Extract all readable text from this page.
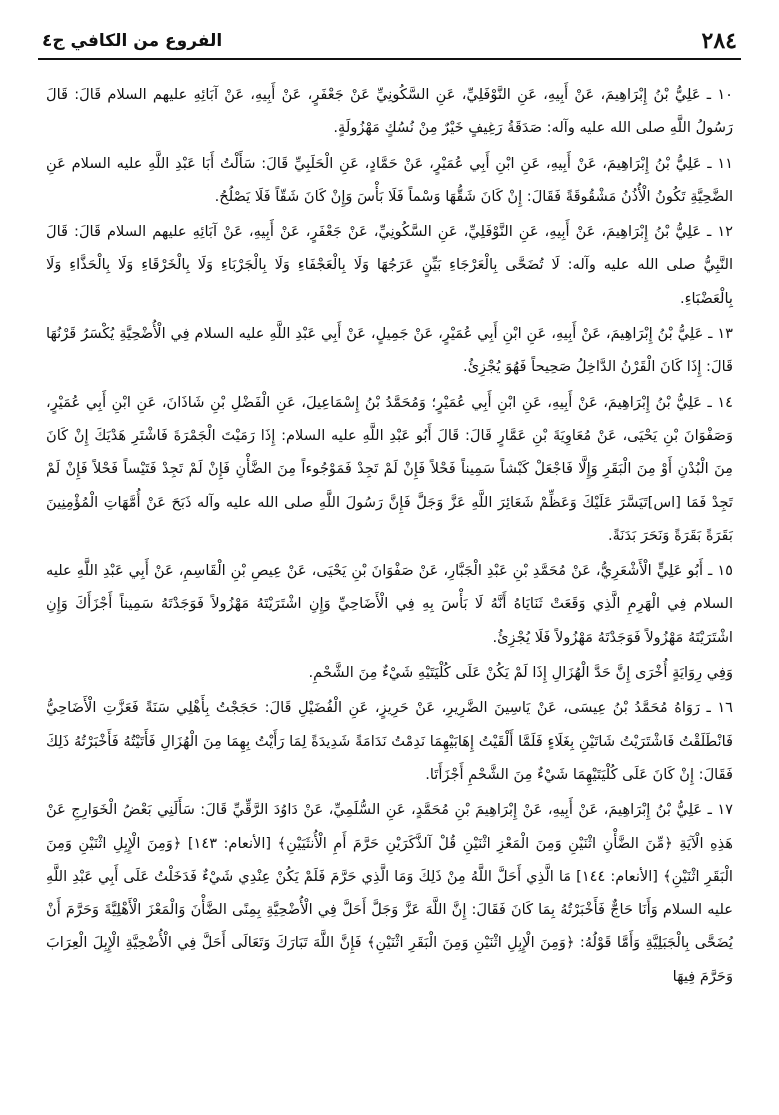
٢٨٤
الفروع من الكافي ج٤

١٠ ـ عَلِيُّ بْنُ إِبْرَاهِيمَ، عَنْ أَبِيهِ، عَنِ النَّوْفَلِيِّ، عَنِ السَّكُونِيِّ عَنْ جَعْفَرٍ، عَنْ أَبِيهِ، عَنْ آبَائِهِ عليهم السلام قَالَ: قَالَ رَسُولُ اللَّهِ صلى الله عليه وآله: صَدَقَةُ رَغِيفٍ خَيْرٌ مِنْ نُسُكٍ مَهْزُولَةٍ.

١١ ـ عَلِيُّ بْنُ إِبْرَاهِيمَ، عَنْ أَبِيهِ، عَنِ ابْنِ أَبِي عُمَيْرٍ، عَنْ حَمَّادٍ، عَنِ الْحَلَبِيِّ قَالَ: سَأَلْتُ أَبَا عَبْدِ اللَّهِ عليه السلام عَنِ الضَّحِيَّةِ تَكُونُ الْأُذُنُ مَشْقُوقَةً فَقَالَ: إِنْ كَانَ شَقُّهَا وَسْماً فَلَا بَأْسَ وَإِنْ كَانَ شَقّاً فَلَا يَصْلُحُ.

١٢ ـ عَلِيُّ بْنُ إِبْرَاهِيمَ، عَنْ أَبِيهِ، عَنِ النَّوْفَلِيِّ، عَنِ السَّكُونِيِّ، عَنْ جَعْفَرٍ، عَنْ أَبِيهِ، عَنْ آبَائِهِ عليهم السلام قَالَ: قَالَ النَّبِيُّ صلى الله عليه وآله: لَا تُضَحَّى بِالْعَرْجَاءِ بَيِّنٍ عَرَجُهَا وَلَا بِالْعَجْفَاءِ وَلَا بِالْجَرْبَاءِ وَلَا بِالْخَرْقَاءِ وَلَا بِالْحَذَّاءِ وَلَا بِالْعَضْبَاءِ.

١٣ ـ عَلِيُّ بْنُ إِبْرَاهِيمَ، عَنْ أَبِيهِ، عَنِ ابْنِ أَبِي عُمَيْرٍ، عَنْ جَمِيلٍ، عَنْ أَبِي عَبْدِ اللَّهِ عليه السلام فِي الْأُضْحِيَّةِ يُكْسَرُ قَرْنُهَا قَالَ: إِذَا كَانَ الْقَرْنُ الدَّاخِلُ صَحِيحاً فَهُوَ يُجْزِئُ.

١٤ ـ عَلِيُّ بْنُ إِبْرَاهِيمَ، عَنْ أَبِيهِ، عَنِ ابْنِ أَبِي عُمَيْرٍ؛ وَمُحَمَّدُ بْنُ إِسْمَاعِيلَ، عَنِ الْفَضْلِ بْنِ شَاذَانَ، عَنِ ابْنِ أَبِي عُمَيْرٍ، وَصَفْوَانَ بْنِ يَحْيَى، عَنْ مُعَاوِيَةَ بْنِ عَمَّارٍ قَالَ: قَالَ أَبُو عَبْدِ اللَّهِ عليه السلام: إِذَا رَمَيْتَ الْجَمْرَةَ فَاشْتَرِ هَدْيَكَ إِنْ كَانَ مِنَ الْبُدْنِ أَوْ مِنَ الْبَقَرِ وَإِلَّا فَاجْعَلْ كَبْشاً سَمِيناً فَحْلاً فَإِنْ لَمْ تَجِدْ فَمَوْجُوءاً مِنَ الضَّأْنِ فَإِنْ لَمْ تَجِدْ فَتَيْساً فَحْلاً فَإِنْ لَمْ تَجِدْ فَمَا [اس]تَيَسَّرَ عَلَيْكَ وَعَظِّمْ شَعَائِرَ اللَّهِ عَزَّ وَجَلَّ فَإِنَّ رَسُولَ اللَّهِ صلى الله عليه وآله ذَبَحَ عَنْ أُمَّهَاتِ الْمُؤْمِنِينَ بَقَرَةً بَقَرَةً وَنَحَرَ بَدَنَةً.

١٥ ـ أَبُو عَلِيٍّ الْأَشْعَرِيُّ، عَنْ مُحَمَّدِ بْنِ عَبْدِ الْجَبَّارِ، عَنْ صَفْوَانَ بْنِ يَحْيَى، عَنْ عِيصِ بْنِ الْقَاسِمِ، عَنْ أَبِي عَبْدِ اللَّهِ عليه السلام فِي الْهَرِمِ الَّذِي وَقَعَتْ ثَنَايَاهُ أَنَّهُ لَا بَأْسَ بِهِ فِي الْأَضَاحِيِّ وَإِنِ اشْتَرَيْتَهُ مَهْزُولاً فَوَجَدْتَهُ سَمِيناً أَجْزَأَكَ وَإِنِ اشْتَرَيْتَهُ مَهْزُولاً فَوَجَدْتَهُ مَهْزُولاً فَلَا يُجْزِئُ.

وَفِي رِوَايَةٍ أُخْرَى إِنَّ حَدَّ الْهُزَالِ إِذَا لَمْ يَكُنْ عَلَى كُلْيَتَيْهِ شَيْءٌ مِنَ الشَّحْمِ.

١٦ ـ رَوَاهُ مُحَمَّدُ بْنُ عِيسَى، عَنْ يَاسِينَ الضَّرِيرِ، عَنْ حَرِيزٍ، عَنِ الْفُضَيْلِ قَالَ: حَجَجْتُ بِأَهْلِي سَنَةً فَعَزَّتِ الْأَضَاحِيُّ فَانْطَلَقْتُ فَاشْتَرَيْتُ شَاتَيْنِ بِغَلَاءٍ فَلَمَّا أَلْقَيْتُ إِهَابَيْهِمَا نَدِمْتُ نَدَامَةً شَدِيدَةً لِمَا رَأَيْتُ بِهِمَا مِنَ الْهُزَالِ فَأَتَيْتُهُ فَأَخْبَرْتُهُ ذَلِكَ فَقَالَ: إِنْ كَانَ عَلَى كُلْيَتَيْهِمَا شَيْءٌ مِنَ الشَّحْمِ أَجْزَأَتَا.

١٧ ـ عَلِيُّ بْنُ إِبْرَاهِيمَ، عَنْ أَبِيهِ، عَنْ إِبْرَاهِيمَ بْنِ مُحَمَّدٍ، عَنِ السُّلَمِيِّ، عَنْ دَاوُدَ الرَّقِّيِّ قَالَ: سَأَلَنِي بَعْضُ الْخَوَارِجِ عَنْ هَذِهِ الْآيَةِ ﴿مِّنَ الضَّأْنِ اثْنَيْنِ وَمِنَ الْمَعْزِ اثْنَيْنِ قُلْ آلذَّكَرَيْنِ حَرَّمَ أَمِ الْأُنثَيَيْنِ﴾ [الأنعام: ١٤٣] ﴿وَمِنَ الْإِبِلِ اثْنَيْنِ وَمِنَ الْبَقَرِ اثْنَيْنِ﴾ [الأنعام: ١٤٤] مَا الَّذِي أَحَلَّ اللَّهُ مِنْ ذَلِكَ وَمَا الَّذِي حَرَّمَ فَلَمْ يَكُنْ عِنْدِي شَيْءٌ فَدَخَلْتُ عَلَى أَبِي عَبْدِ اللَّهِ عليه السلام وَأَنَا حَاجٌّ فَأَخْبَرْتُهُ بِمَا كَانَ فَقَالَ: إِنَّ اللَّهَ عَزَّ وَجَلَّ أَحَلَّ فِي الْأُضْحِيَّةِ بِمِنًى الضَّأْنَ وَالْمَعْزَ الْأَهْلِيَّةَ وَحَرَّمَ أَنْ يُضَحَّى بِالْجَبَلِيَّةِ وَأَمَّا قَوْلُهُ: ﴿وَمِنَ الْإِبِلِ اثْنَيْنِ وَمِنَ الْبَقَرِ اثْنَيْنِ﴾ فَإِنَّ اللَّهَ تَبَارَكَ وَتَعَالَى أَحَلَّ فِي الْأُضْحِيَّةِ الْإِبِلَ الْعِرَابَ وَحَرَّمَ فِيهَا
